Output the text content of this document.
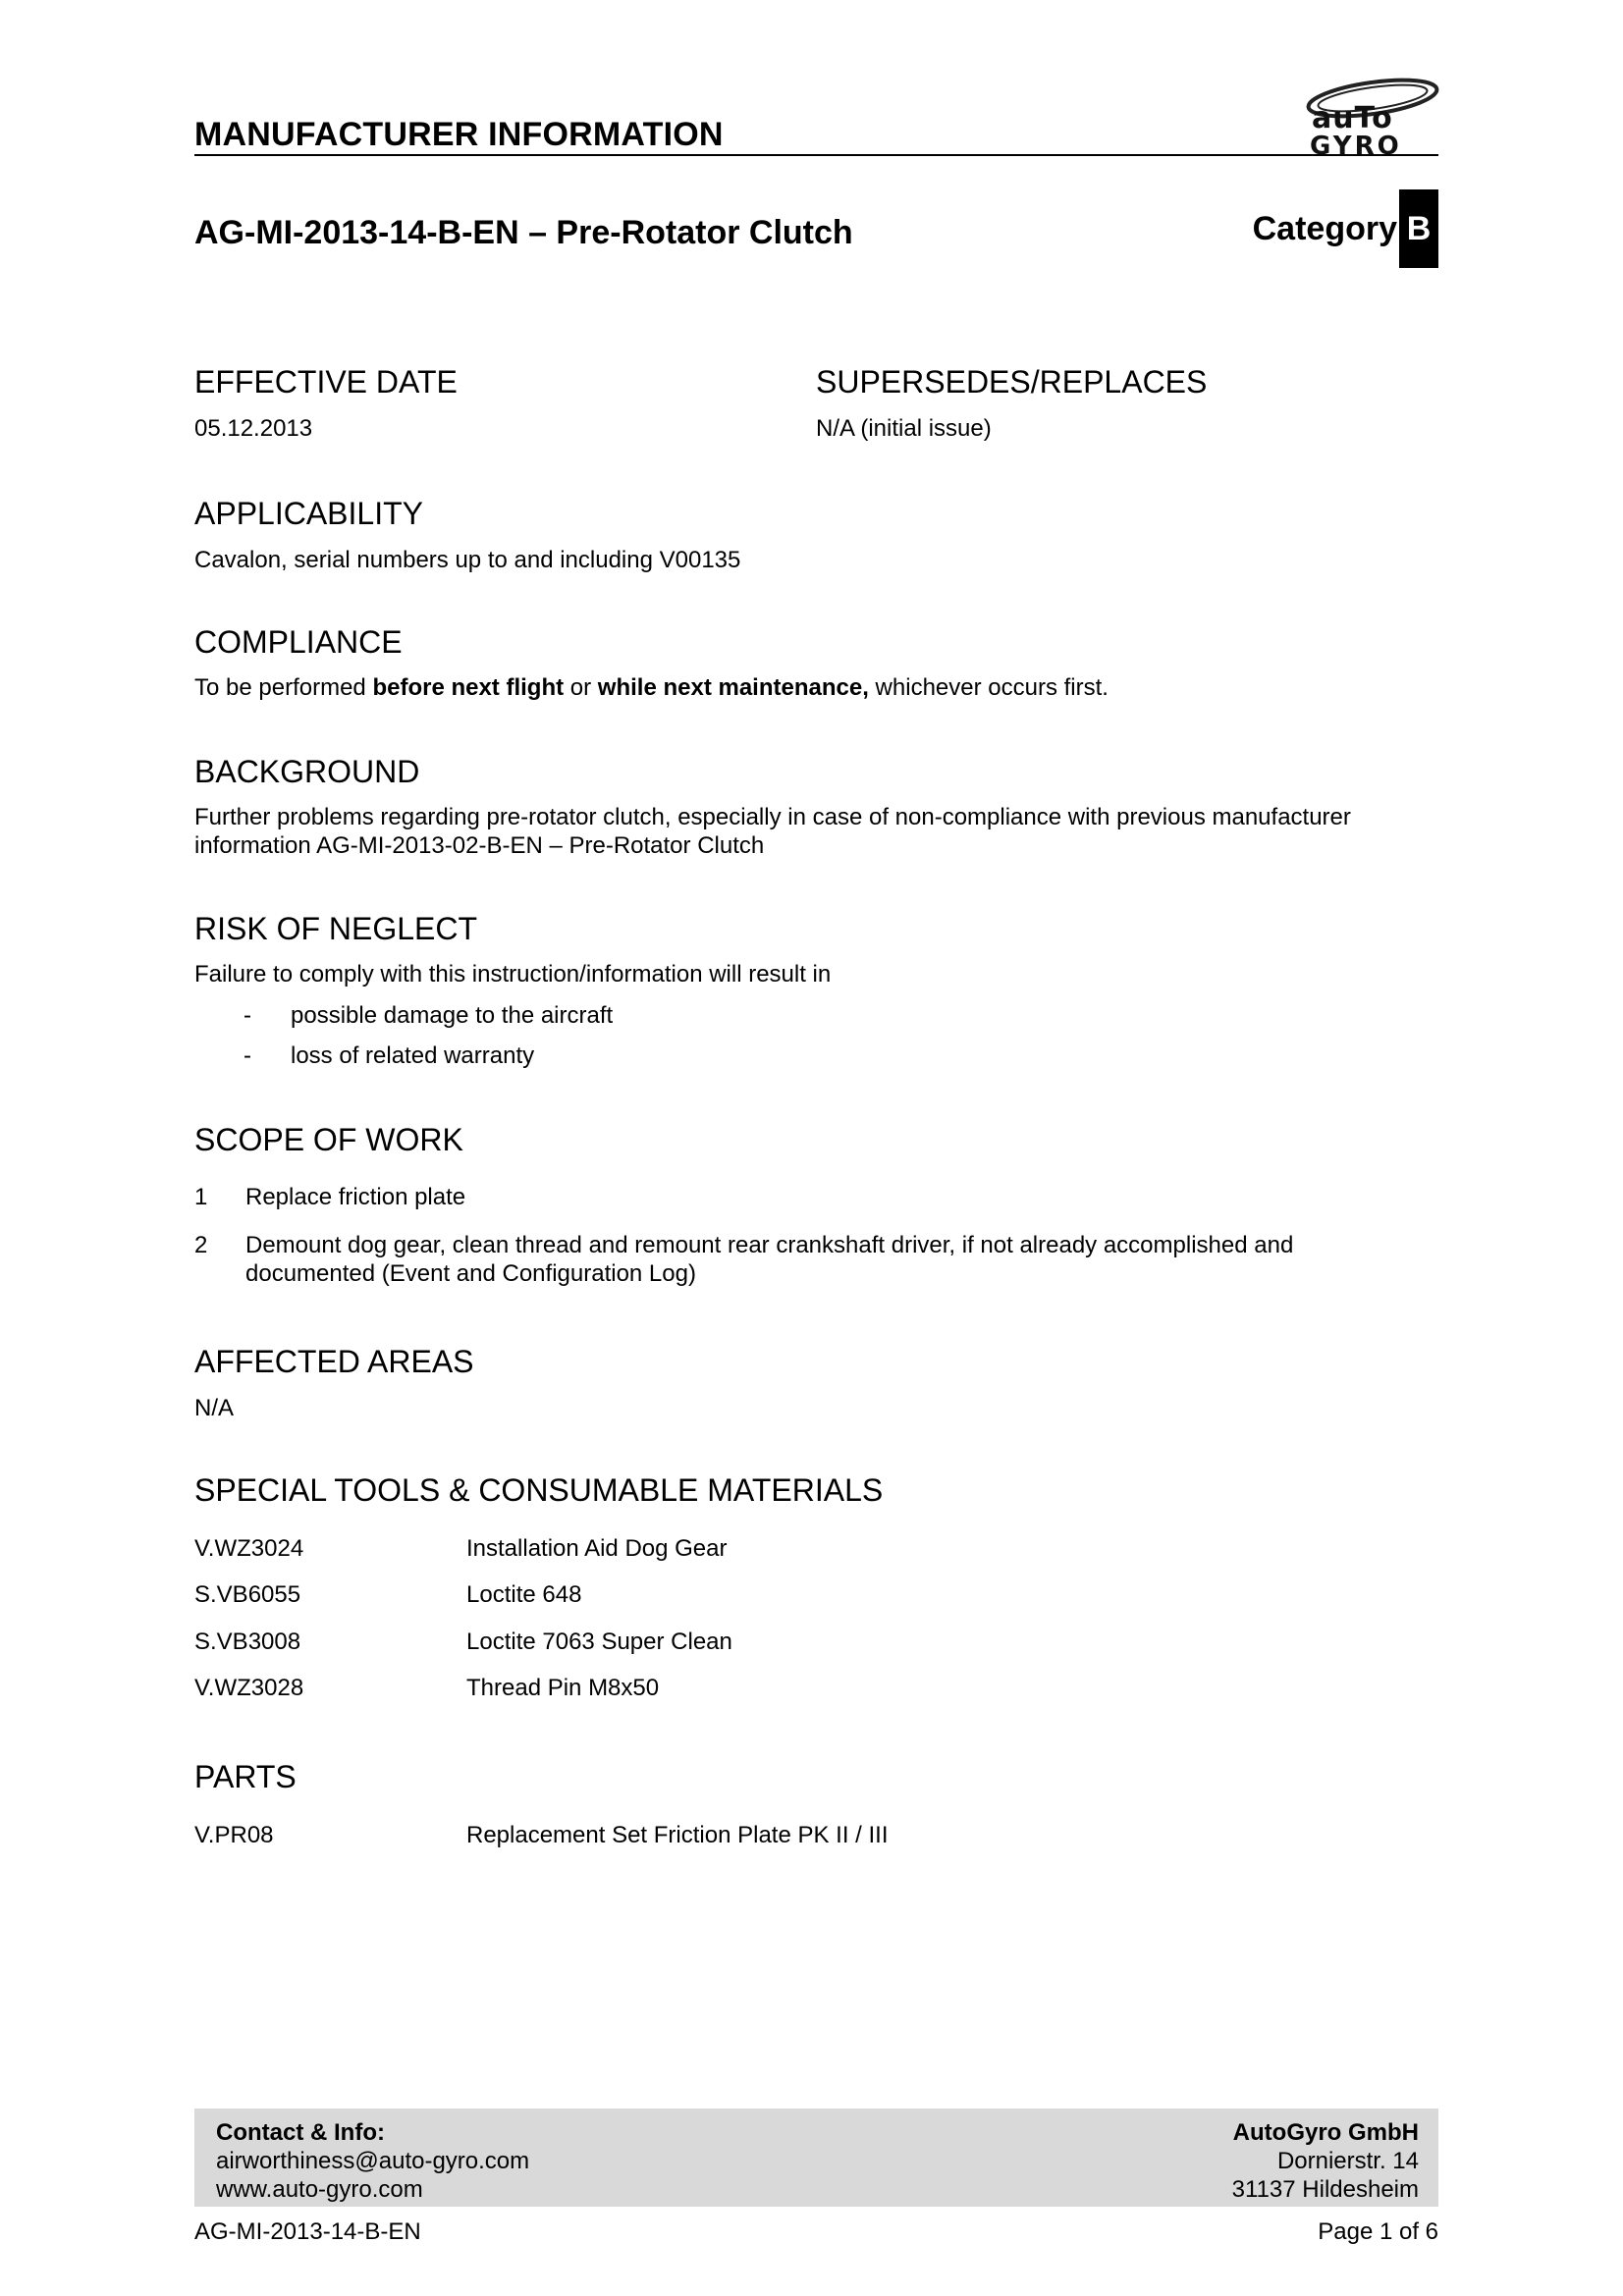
MANUFACTURER INFORMATION	auTo
GYRO
AG-MI-2013-14-B-EN – Pre-Rotator Clutch	Category B
EFFECTIVE DATE
05.12.2013
SUPERSEDES/REPLACES
N/A (initial issue)
APPLICABILITY
Cavalon, serial numbers up to and including V00135
COMPLIANCE
To be performed before next flight or while next maintenance, whichever occurs first.
BACKGROUND
Further problems regarding pre-rotator clutch, especially in case of non-compliance with previous manufacturer
information AG-MI-2013-02-B-EN – Pre-Rotator Clutch
RISK OF NEGLECT
Failure to comply with this instruction/information will result in
- possible damage to the aircraft
- loss of related warranty
SCOPE OF WORK
1 Replace friction plate
2 Demount dog gear, clean thread and remount rear crankshaft driver, if not already accomplished and
documented (Event and Configuration Log)
AFFECTED AREAS
N/A
SPECIAL TOOLS & CONSUMABLE MATERIALS
V.WZ3024	Installation Aid Dog Gear
S.VB6055	Loctite 648
S.VB3008	Loctite 7063 Super Clean
V.WZ3028	Thread Pin M8x50
PARTS
V.PR08	Replacement Set Friction Plate PK II / III
Contact & Info:
airworthiness@auto-gyro.com
www.auto-gyro.com
AutoGyro GmbH
Dornierstr. 14
31137 Hildesheim
AG-MI-2013-14-B-EN	Page 1 of 6
